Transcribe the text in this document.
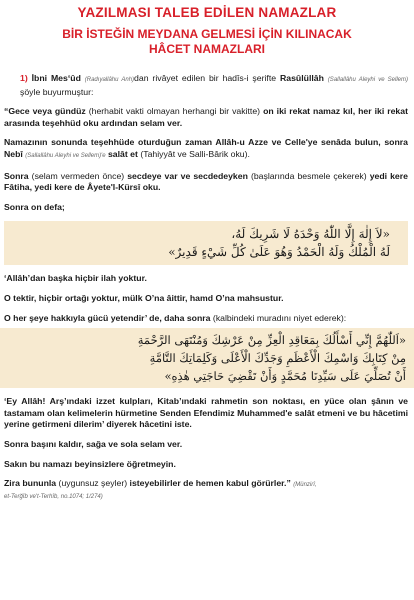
YAZILMASI TALEB EDİLEN NAMAZLAR
BİR İSTEĞİN MEYDANA GELMESİ İÇİN KILINACAK
HÂCET NAMAZLARI

1) İbni Mes‘ûd (Radıyallâhu Anh)dan rivâyet edilen bir hadîs-i şerifte Rasûlüllâh (Sallallâhu Aleyhi ve Sellem) şöyle buyurmuştur:

“Gece veya gündüz (herhabit vakti olmayan herhangi bir vakitte) on iki rekat namaz kıl, her iki rekat arasında teşehhüd oku ardından selam ver.

Namazının sonunda teşehhüde oturduğun zaman Allâh-u Azze ve Celle'ye senâda bulun, sonra Nebî (Sallallâhu Aleyhi ve Sellem)'e salât et (Tahiyyât ve Salli-Bârik oku).

Sonra (selam vermeden önce) secdeye var ve secdedeyken (başlarında besmele çekerek) yedi kere Fâtiha, yedi kere de Âyete'l-Kürsî oku.

Sonra on defa;

«لاَ إِلٰهَ إِلَّا اللّٰهُ وَحْدَهُ لَا شَرِيكَ لَهُ،
لَهُ الْمُلْكُ وَلَهُ الْحَمْدُ وَهُوَ عَلَىٰ كُلِّ شَيْءٍ قَدِيرٌ»

‘Allâh’dan başka hiçbir ilah yoktur.

O tektir, hiçbir ortağı yoktur, mülk O’na âittir, hamd O’na mahsustur.

O her şeye hakkıyla gücü yetendir’ de, daha sonra (kalbindeki muradını niyet ederek):

«اَللّٰهُمَّ إِنِّي أَسْأَلُكَ بِمَعَاقِدِ الْعِزِّ مِنْ عَرْشِكَ وَمُنْتَهَى الرَّحْمَةِ
مِنْ كِتَابِكَ وَاسْمِكَ الْأَعْظَمِ وَجَدِّكَ الْأَعْلَى وَكَلِمَاتِكَ التَّامَّةِ
أَنْ تُصَلِّيَ عَلَى سَيِّدِنَا مُحَمَّدٍ وَأَنْ تَقْضِيَ حَاجَتِي هٰذِهِ»

‘Ey Allâh! Arş’ındaki izzet kulpları, Kitab’ındaki rahmetin son noktası, en yüce olan şânın ve tastamam olan kelimelerin hürmetine Senden Efendimiz Muhammed'e salât etmeni ve bu hâcetimi yerine getirmeni dilerim’ diyerek hâcetini iste.

Sonra başını kaldır, sağa ve sola selam ver.

Sakın bu namazı beyinsizlere öğretmeyin.

Zira bununla (uygunsuz şeyler) isteyebilirler de hemen kabul görürler.” (Münzirî,
et-Terğîb ve't-Terhîb, no.1074; 1/274)
